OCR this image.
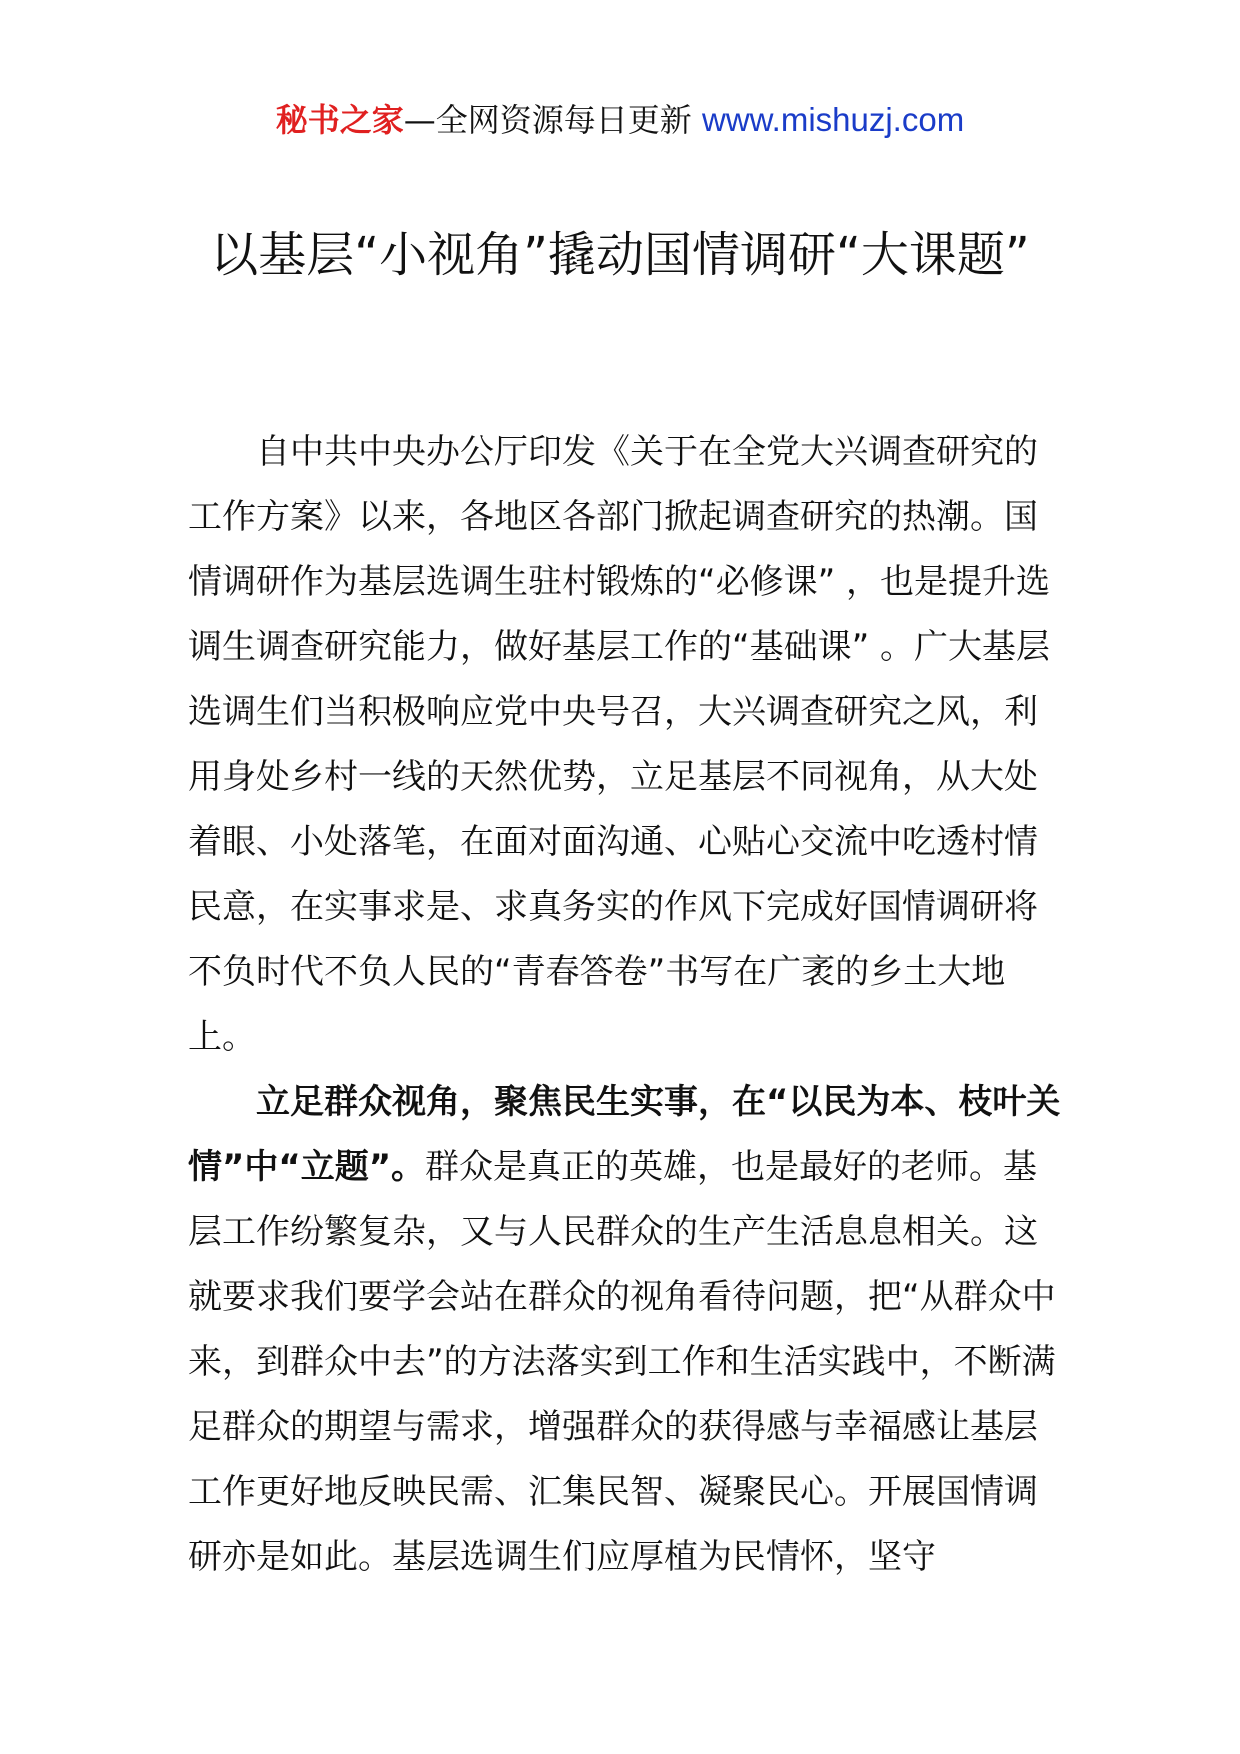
秘书之家—全网资源每日更新 www.mishuzj.com
以基层“小视角”撬动国情调研“大课题”

自中共中央办公厅印发《关于在全党大兴调查研究的工作方案》以来，各地区各部门掀起调查研究的热潮。国情调研作为基层选调生驻村锻炼的“必修课” ，也是提升选调生调查研究能力，做好基层工作的“基础课” 。广大基层选调生们当积极响应党中央号召，大兴调查研究之风，利用身处乡村一线的天然优势，立足基层不同视角，从大处着眼、小处落笔，在面对面沟通、心贴心交流中吃透村情民意，在实事求是、求真务实的作风下完成好国情调研将不负时代不负人民的“青春答卷”书写在广袤的乡土大地上。

立足群众视角，聚焦民生实事，在“以民为本、枝叶关情”中“立题”。群众是真正的英雄，也是最好的老师。基层工作纷繁复杂，又与人民群众的生产生活息息相关。这就要求我们要学会站在群众的视角看待问题，把“从群众中来，到群众中去”的方法落实到工作和生活实践中，不断满足群众的期望与需求，增强群众的获得感与幸福感让基层工作更好地反映民需、汇集民智、凝聚民心。开展国情调研亦是如此。基层选调生们应厚植为民情怀，坚守
